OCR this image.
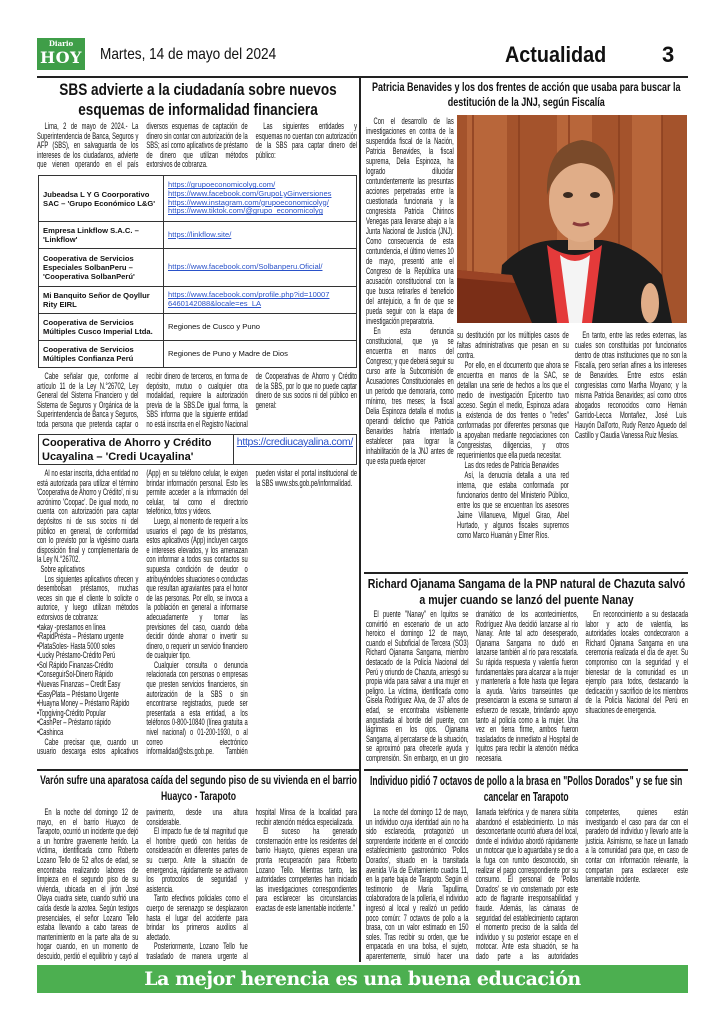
Diario
HOY Martes, 14 de mayo del 2024	Actualidad	3
SBS advierte a la ciudadanía sobre nuevos esquemas de informalidad financiera

Lima, 2 de mayo de 2024.- La Superintendencia de Banca, Seguros y AFP (SBS), en salvaguarda de los intereses de los ciudadanos, advierte que vienen operando en el país diversos esquemas de captación de dinero sin contar con autorización de la SBS; así como aplicativos de préstamo de dinero que utilizan métodos extorsivos de cobranza.

Las siguientes entidades y esquemas no cuentan con autorización de la SBS para captar dinero del público:

Jubeadsa L Y G Coorporativo SAC – 'Grupo Económico L&G'	https://grupoeconomicolyg.com/
https://www.facebook.com/GrupoLyGinversiones
https://www.instagram.com/grupoeconomicolyg/
https://www.tiktok.com/@grupo_economicolyg

Empresa Linkflow S.A.C. – 'Linkflow'	https://linkflow.site/

Cooperativa de Servicios Especiales SolbanPeru – 'Cooperativa SolbanPerú'	https://www.facebook.com/Solbanperu.Oficial/

Mi Banquito Señor de Qoyllur Rity EIRL	https://www.facebook.com/profile.php?id=10007
6460142088&locale=es_LA

Cooperativa de Servicios Múltiples Cusco Imperial Ltda.	Regiones de Cusco y Puno
Cooperativa de Servicios Múltiples Confianza Perú	Regiones de Puno y Madre de Dios

Cabe señalar que, conforme al artículo 11 de la Ley N.°26702, Ley General del Sistema Financiero y del Sistema de Seguros y Orgánica de la Superintendencia de Banca y Seguros, toda persona que pretenda captar o recibir dinero de terceros, en forma de depósito, mutuo o cualquier otra modalidad, requiere la autorización previa de la SBS.De igual forma, la SBS informa que la siguiente entidad no está inscrita en el Registro Nacional de Cooperativas de Ahorro y Crédito de la SBS, por lo que no puede captar dinero de sus socios ni del público en general:

Cooperativa de Ahorro y Crédito Ucayalina – 'Credi Ucayalina'
https://crediucayalina.com/

Al no estar inscrita, dicha entidad no está autorizada para utilizar el término 'Cooperativa de Ahorro y Crédito', ni su acrónimo 'Coopac'. De igual modo, no cuenta con autorización para captar depósitos ni de sus socios ni del público en general, de conformidad con lo previsto por la vigésimo cuarta disposición final y complementaria de la Ley N.°26702.

Sobre aplicativos

Los siguientes aplicativos ofrecen y desembolsan préstamos, muchas veces sin que el cliente lo solicite o autorice, y luego utilizan métodos extorsivos de cobranza:

•takay -prestamos en linea

•RapidPrésta – Préstamo urgente

•PlataSoles- Hasta 5000 soles

•Lucky Préstamo-Crédito Perú

•Sol Rápido Finanzas-Crédito

•ConseguirSol-Dinero Rápido

•Nuevas Finanzas – Credit Easy

•EasyPlata – Préstamo Urgente

•Huayna Money – Préstamo Rápido

•Topgiving-Crédito Popular

•CashPer – Préstamo rápido

•Cashinca

Cabe precisar que, cuando un usuario descarga estos aplicativos (App) en su teléfono celular, le exigen brindar información personal. Esto les permite acceder a la información del celular, tal como el directorio telefónico, fotos y videos.

Luego, al momento de requerir a los usuarios el pago de los préstamos, estos aplicativos (App) incluyen cargos e intereses elevados, y los amenazan con informar a todos sus contactos su supuesta condición de deudor o atribuyéndoles situaciones o conductas que resultan agraviantes para el honor de las personas. Por ello, se invoca a la población en general a informarse adecuadamente y tomar las previsiones del caso, cuando deba decidir dónde ahorrar o invertir su dinero, o requerir un servicio financiero de cualquier tipo.

Cualquier consulta o denuncia relacionada con personas o empresas que presten servicios financieros, sin autorización de la SBS o sin encontrarse registrados, puede ser presentada a esta entidad, a los teléfonos 0-800-10840 (línea gratuita a nivel nacional) o 01-200-1930, o al correo electrónico informalidad@sbs.gob.pe. También pueden visitar el portal institucional de la SBS www.sbs.gob.pe/informalidad.

Varón sufre una aparatosa caída del segundo piso de su vivienda en el barrio Huayco - Tarapoto

En la noche del domingo 12 de mayo, en el barrio Huayco de Tarapoto, ocurrió un incidente que dejó a un hombre gravemente herido. La víctima, identificada como Roberto Lozano Tello de 52 años de edad, se encontraba realizando labores de limpieza en el segundo piso de su vivienda, ubicada en el jirón José Olaya cuadra siete, cuando sufrió una caída desde la azotea. Según testigos presenciales, el señor Lozano Tello estaba llevando a cabo tareas de mantenimiento en la parte alta de su hogar cuando, en un momento de descuido, perdió el equilibrio y cayó al pavimento, desde una altura considerable.

El impacto fue de tal magnitud que el hombre quedó con heridas de consideración en diferentes partes de su cuerpo. Ante la situación de emergencia, rápidamente se activaron los protocolos de seguridad y asistencia.

Tanto efectivos policiales como el cuerpo de serenazgo se desplazaron hasta el lugar del accidente para brindar los primeros auxilios al afectado.

Posteriormente, Lozano Tello fue trasladado de manera urgente al hospital Minsa de la localidad para recibir atención médica especializada.

El suceso ha generado consternación entre los residentes del barrio Huayco, quienes esperan una pronta recuperación para Roberto Lozano Tello. Mientras tanto, las autoridades competentes han iniciado las investigaciones correspondientes para esclarecer las circunstancias exactas de este lamentable incidente."

Patricia Benavides y los dos frentes de acción que usaba para buscar la destitución de la JNJ, según Fiscalía

Con el desarrollo de las investigaciones en contra de la suspendida fiscal de la Nación, Patricia Benavides, la fiscal suprema, Delia Espinoza, ha logrado dilucidar contundentemente las presuntas acciones perpetradas entre la cuestionada funcionaria y la congresista Patricia Chirinos Venegas para llevarse abajo a la Junta Nacional de Justicia (JNJ). Como consecuencia de esta contundencia, el último viernes 10 de mayo, presentó ante el Congreso de la República una acusación constitucional con la que busca retirarles el beneficio del antejuicio, a fin de que se pueda seguir con la etapa de investigación preparatoria.

En esta denuncia constitucional, que ya se encuentra en manos del Congreso; y que deberá seguir su curso ante la Subcomisión de Acusaciones Constitucionales en un periodo que demoraría, como mínimo, tres meses; la fiscal Delia Espinoza detalla el modus operandi delictivo que Patricia Benavides habría intentado establecer para lograr la inhabilitación de la JNJ antes de que esta pueda ejercer

su destitución por los múltiples casos de faltas administrativas que pesan en su contra.

Por ello, en el documento que ahora se encuentra en manos de la SAC, se detallan una serie de hechos a los que el medio de investigación Epicentro tuvo acceso. Según el medio, Espinoza aclara la existencia de dos frentes o "redes" conformadas por diferentes personas que la apoyaban mediante negociaciones con Congresistas, diligencias, y otros requerimientos que ella pueda necesitar.

Las dos redes de Patricia Benavides

Así, la denucnia detalla a una red interna, que estaba conformada por funcionarios dentro del Ministerio Público, entre los que se encuentran los asesores Jaime Villanueva, Miguel Girao, Abel Hurtado, y algunos fiscales supremos como Marco Huamán y Elmer Ríos.

En tanto, entre las redes externas, las cuales son constituidas por funcionarios dentro de otras instituciones que no son la Fiscalía, pero serían afines a los intereses de Benavides. Entre estos están congresistas como Martha Moyano; y la misma Patricia Benavides; así como otros abogados reconocidos como Hernán Garrido-Lecca Montañez, José Luis Hauyón Dall'orto, Rudy Renzo Aguedo del Castillo y Claudia Vanessa Ruiz Mesías.

Richard Ojanama Sangama de la PNP natural de Chazuta salvó a mujer cuando se lanzó del puente Nanay

El puente "Nanay" en Iquitos se convirtió en escenario de un acto heroico el domingo 12 de mayo, cuando el Suboficial de Tercera (SO3) Richard Ojanama Sangama, miembro destacado de la Policía Nacional del Perú y oriundo de Chazuta, arriesgó su propia vida para salvar a una mujer en peligro. La víctima, identificada como Gisela Rodríguez Alva, de 37 años de edad, se encontraba visiblemente angustiada al borde del puente, con lágrimas en los ojos. Ojanama Sangama, al percatarse de la situación, se aproximó para ofrecerle ayuda y comprensión. Sin embargo, en un giro dramático de los acontecimientos, Rodríguez Alva decidió lanzarse al río Nanay. Ante tal acto desesperado, Ojanama Sangama no dudó en lanzarse también al río para rescatarla. Su rápida respuesta y valentía fueron fundamentales para alcanzar a la mujer y mantenerla a flote hasta que llegara la ayuda. Varios transeúntes que presenciaron la escena se sumaron al esfuerzo de rescate, brindando apoyo tanto al policía como a la mujer. Una vez en tierra firme, ambos fueron trasladados de inmediato al Hospital de Iquitos para recibir la atención médica necesaria.

En reconocimiento a su destacada labor y acto de valentía, las autoridades locales condecoraron a Richard Ojanama Sangama en una ceremonia realizada el día de ayer. Su compromiso con la seguridad y el bienestar de la comunidad es un ejemplo para todos, destacando la dedicación y sacrificio de los miembros de la Policía Nacional del Perú en situaciones de emergencia.

Individuo pidió 7 octavos de pollo a la brasa en "Pollos Dorados" y se fue sin cancelar en Tarapoto

La noche del domingo 12 de mayo, un individuo cuya identidad aún no ha sido esclarecida, protagonizó un sorprendente incidente en el conocido establecimiento gastronómico 'Pollos Dorados', situado en la transitada avenida Vía de Evitamiento cuadra 11, en la parte baja de Tarapoto. Según el testimonio de María Tapullima, colaboradora de la pollería, el individuo ingresó al local y realizó un pedido poco común: 7 octavos de pollo a la brasa, con un valor estimado en 150 soles. Tras recibir su orden, que fue empacada en una bolsa, el sujeto, aparentemente, simuló hacer una llamada telefónica y de manera súbita abandonó el establecimiento. Lo más desconcertante ocurrió afuera del local, donde el individuo abordó rápidamente un motocar que lo aguardaba y se dio a la fuga con rumbo desconocido, sin realizar el pago correspondiente por su consumo. El personal de 'Pollos Dorados' se vio consternado por este acto de flagrante irresponsabilidad y fraude. Además, las cámaras de seguridad del establecimiento captaron el momento preciso de la salida del individuo y su posterior escape en el motocar. Ante esta situación, se ha dado parte a las autoridades competentes, quienes están investigando el caso para dar con el paradero del individuo y llevarlo ante la justicia. Asimismo, se hace un llamado a la comunidad para que, en caso de contar con información relevante, la compartan para esclarecer este lamentable incidente.

La mejor herencia es una buena educación
